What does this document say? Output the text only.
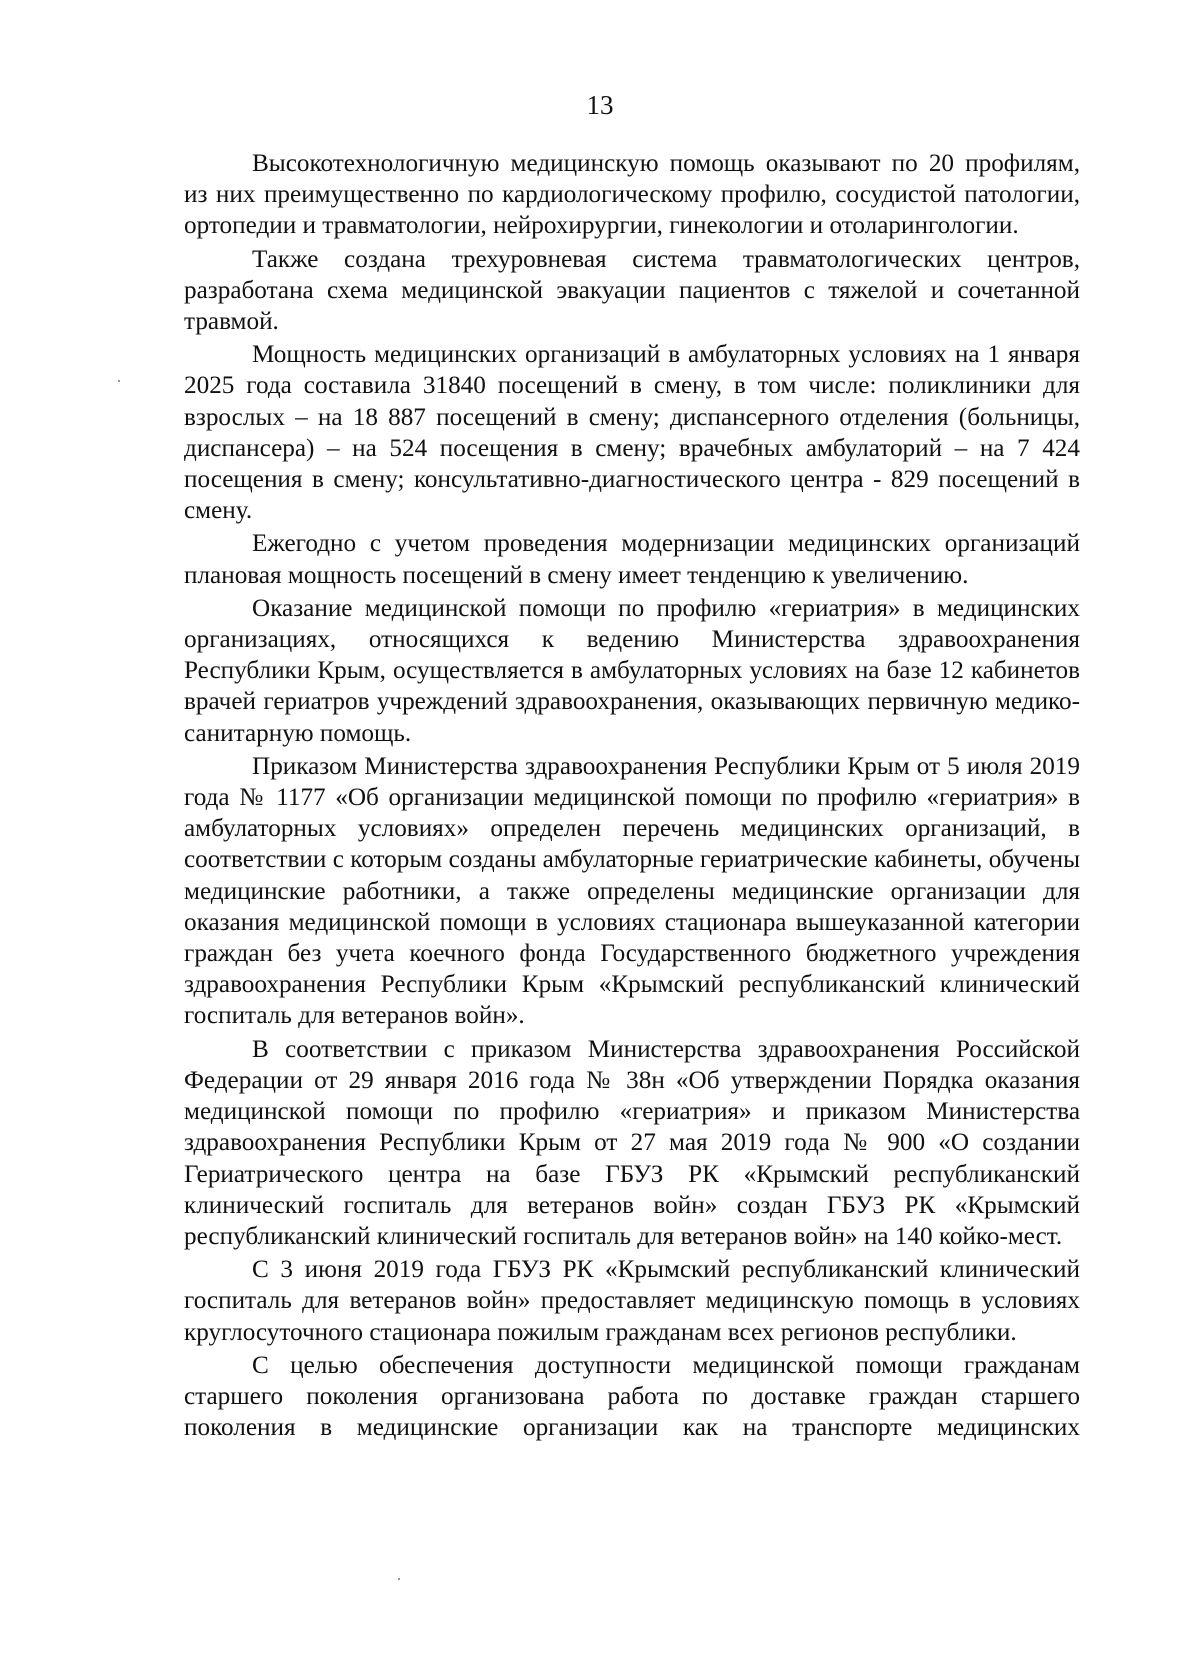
13

Высокотехнологичную медицинскую помощь оказывают по 20 профилям, из них преимущественно по кардиологическому профилю, сосудистой патологии, ортопедии и травматологии, нейрохирургии, гинекологии и отоларингологии.

Также создана трехуровневая система травматологических центров, разработана схема медицинской эвакуации пациентов с тяжелой и сочетанной травмой.

Мощность медицинских организаций в амбулаторных условиях на 1 января 2025 года составила 31840 посещений в смену, в том числе: поликлиники для взрослых – на 18 887 посещений в смену; диспансерного отделения (больницы, диспансера) – на 524 посещения в смену; врачебных амбулаторий – на 7 424 посещения в смену; консультативно-диагностического центра - 829 посещений в смену.

Ежегодно с учетом проведения модернизации медицинских организаций плановая мощность посещений в смену имеет тенденцию к увеличению.

Оказание медицинской помощи по профилю «гериатрия» в медицинских организациях, относящихся к ведению Министерства здравоохранения Республики Крым, осуществляется в амбулаторных условиях на базе 12 кабинетов врачей гериатров учреждений здравоохранения, оказывающих первичную медико-санитарную помощь.

Приказом Министерства здравоохранения Республики Крым от 5 июля 2019 года № 1177 «Об организации медицинской помощи по профилю «гериатрия» в амбулаторных условиях» определен перечень медицинских организаций, в соответствии с которым созданы амбулаторные гериатрические кабинеты, обучены медицинские работники, а также определены медицинские организации для оказания медицинской помощи в условиях стационара вышеуказанной категории граждан без учета коечного фонда Государственного бюджетного учреждения здравоохранения Республики Крым «Крымский республиканский клинический госпиталь для ветеранов войн».

В соответствии с приказом Министерства здравоохранения Российской Федерации от 29 января 2016 года № 38н «Об утверждении Порядка оказания медицинской помощи по профилю «гериатрия» и приказом Министерства здравоохранения Республики Крым от 27 мая 2019 года № 900 «О создании Гериатрического центра на базе ГБУЗ РК «Крымский республиканский клинический госпиталь для ветеранов войн» создан ГБУЗ РК «Крымский республиканский клинический госпиталь для ветеранов войн» на 140 койко-мест.

С 3 июня 2019 года ГБУЗ РК «Крымский республиканский клинический госпиталь для ветеранов войн» предоставляет медицинскую помощь в условиях круглосуточного стационара пожилым гражданам всех регионов республики.

С целью обеспечения доступности медицинской помощи гражданам старшего поколения организована работа по доставке граждан старшего поколения в медицинские организации как на транспорте медицинских
